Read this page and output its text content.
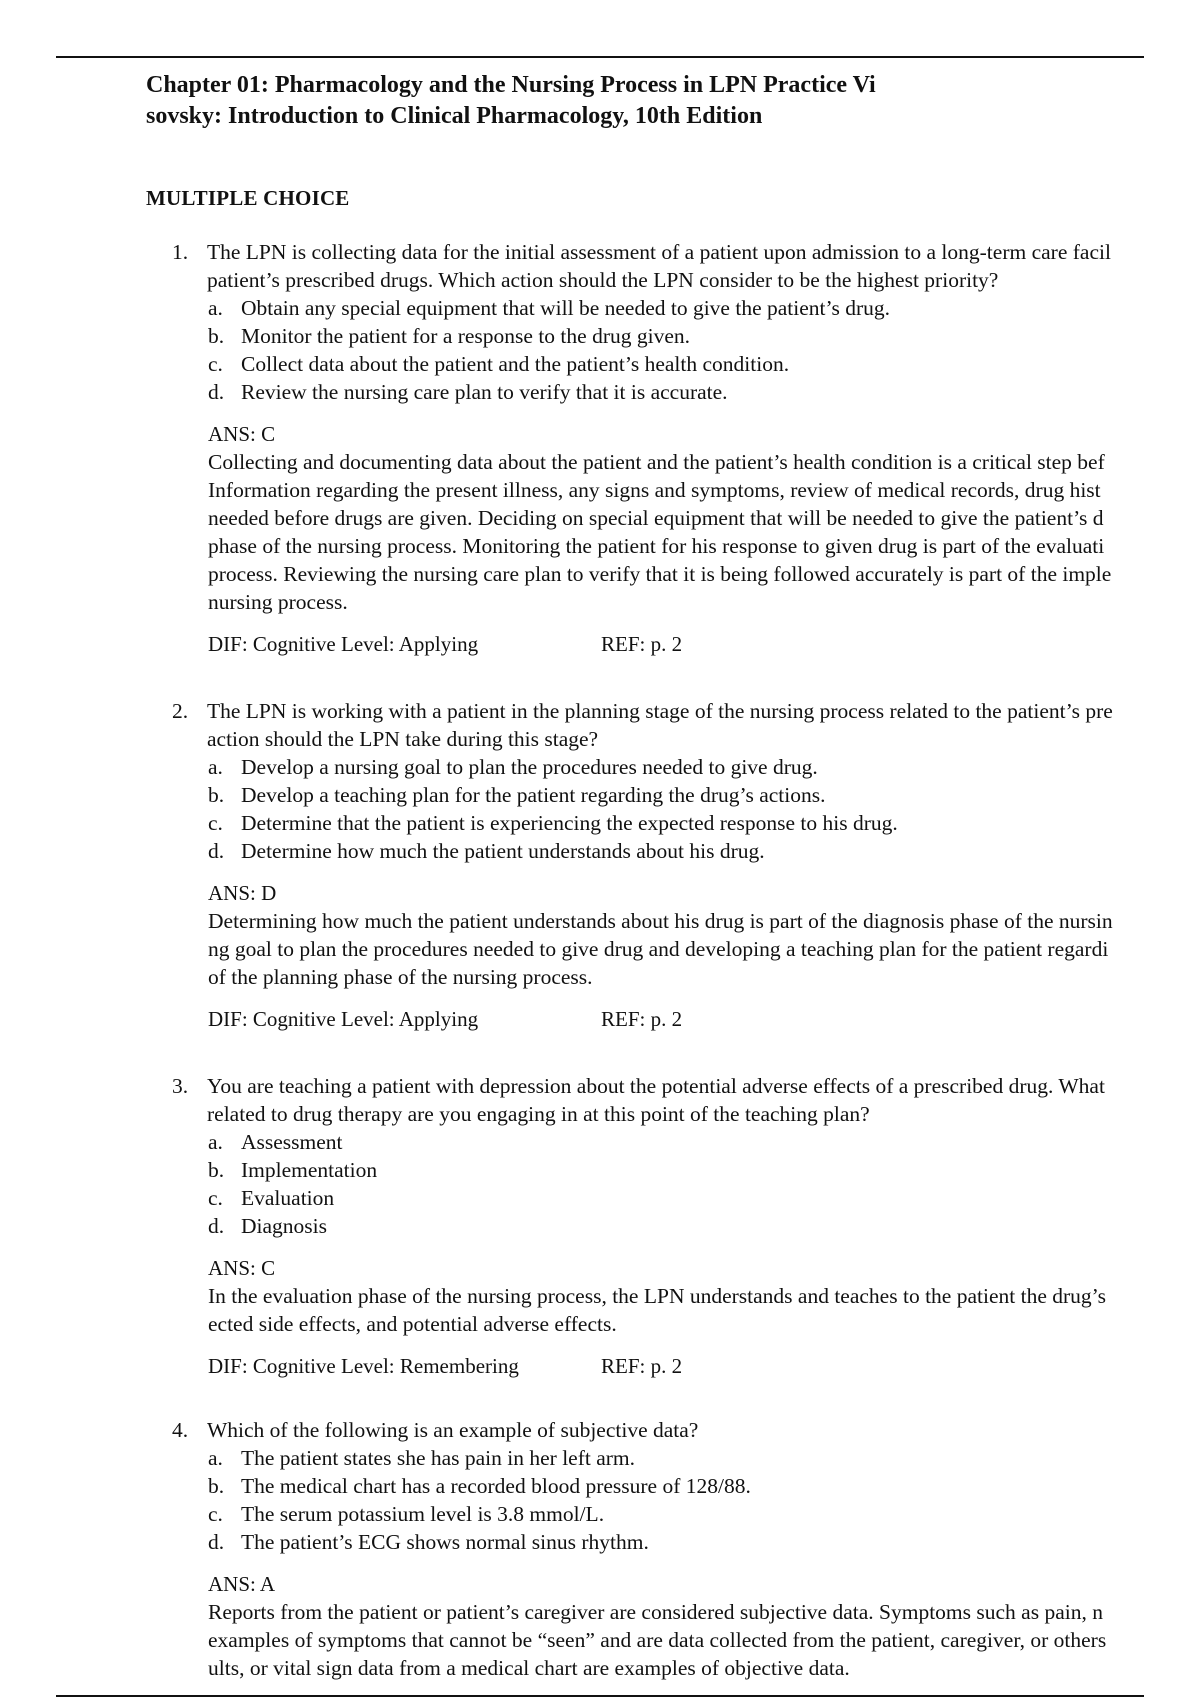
Chapter 01: Pharmacology and the Nursing Process in LPN Practice Vi
sovsky: Introduction to Clinical Pharmacology, 10th Edition

MULTIPLE CHOICE

1. The LPN is collecting data for the initial assessment of a patient upon admission to a long-term care facil
patient’s prescribed drugs. Which action should the LPN consider to be the highest priority?
a. Obtain any special equipment that will be needed to give the patient’s drug.
b. Monitor the patient for a response to the drug given.
c. Collect data about the patient and the patient’s health condition.
d. Review the nursing care plan to verify that it is accurate.
ANS: C
Collecting and documenting data about the patient and the patient’s health condition is a critical step bef
Information regarding the present illness, any signs and symptoms, review of medical records, drug hist
needed before drugs are given. Deciding on special equipment that will be needed to give the patient’s d
phase of the nursing process. Monitoring the patient for his response to given drug is part of the evaluati
process. Reviewing the nursing care plan to verify that it is being followed accurately is part of the imple
nursing process.
DIF: Cognitive Level: Applying	REF: p. 2
2. The LPN is working with a patient in the planning stage of the nursing process related to the patient’s pre
action should the LPN take during this stage?
a. Develop a nursing goal to plan the procedures needed to give drug.
b. Develop a teaching plan for the patient regarding the drug’s actions.
c. Determine that the patient is experiencing the expected response to his drug.
d. Determine how much the patient understands about his drug.
ANS: D
Determining how much the patient understands about his drug is part of the diagnosis phase of the nursin
ng goal to plan the procedures needed to give drug and developing a teaching plan for the patient regardi
of the planning phase of the nursing process.
DIF: Cognitive Level: Applying	REF: p. 2
3. You are teaching a patient with depression about the potential adverse effects of a prescribed drug. What
related to drug therapy are you engaging in at this point of the teaching plan?
a. Assessment
b. Implementation
c. Evaluation
d. Diagnosis
ANS: C
In the evaluation phase of the nursing process, the LPN understands and teaches to the patient the drug’s
ected side effects, and potential adverse effects.
DIF: Cognitive Level: Remembering	REF: p. 2
4. Which of the following is an example of subjective data?
a. The patient states she has pain in her left arm.
b. The medical chart has a recorded blood pressure of 128/88.
c. The serum potassium level is 3.8 mmol/L.
d. The patient’s ECG shows normal sinus rhythm.
ANS: A
Reports from the patient or patient’s caregiver are considered subjective data. Symptoms such as pain, n
examples of symptoms that cannot be “seen” and are data collected from the patient, caregiver, or others
ults, or vital sign data from a medical chart are examples of objective data.
